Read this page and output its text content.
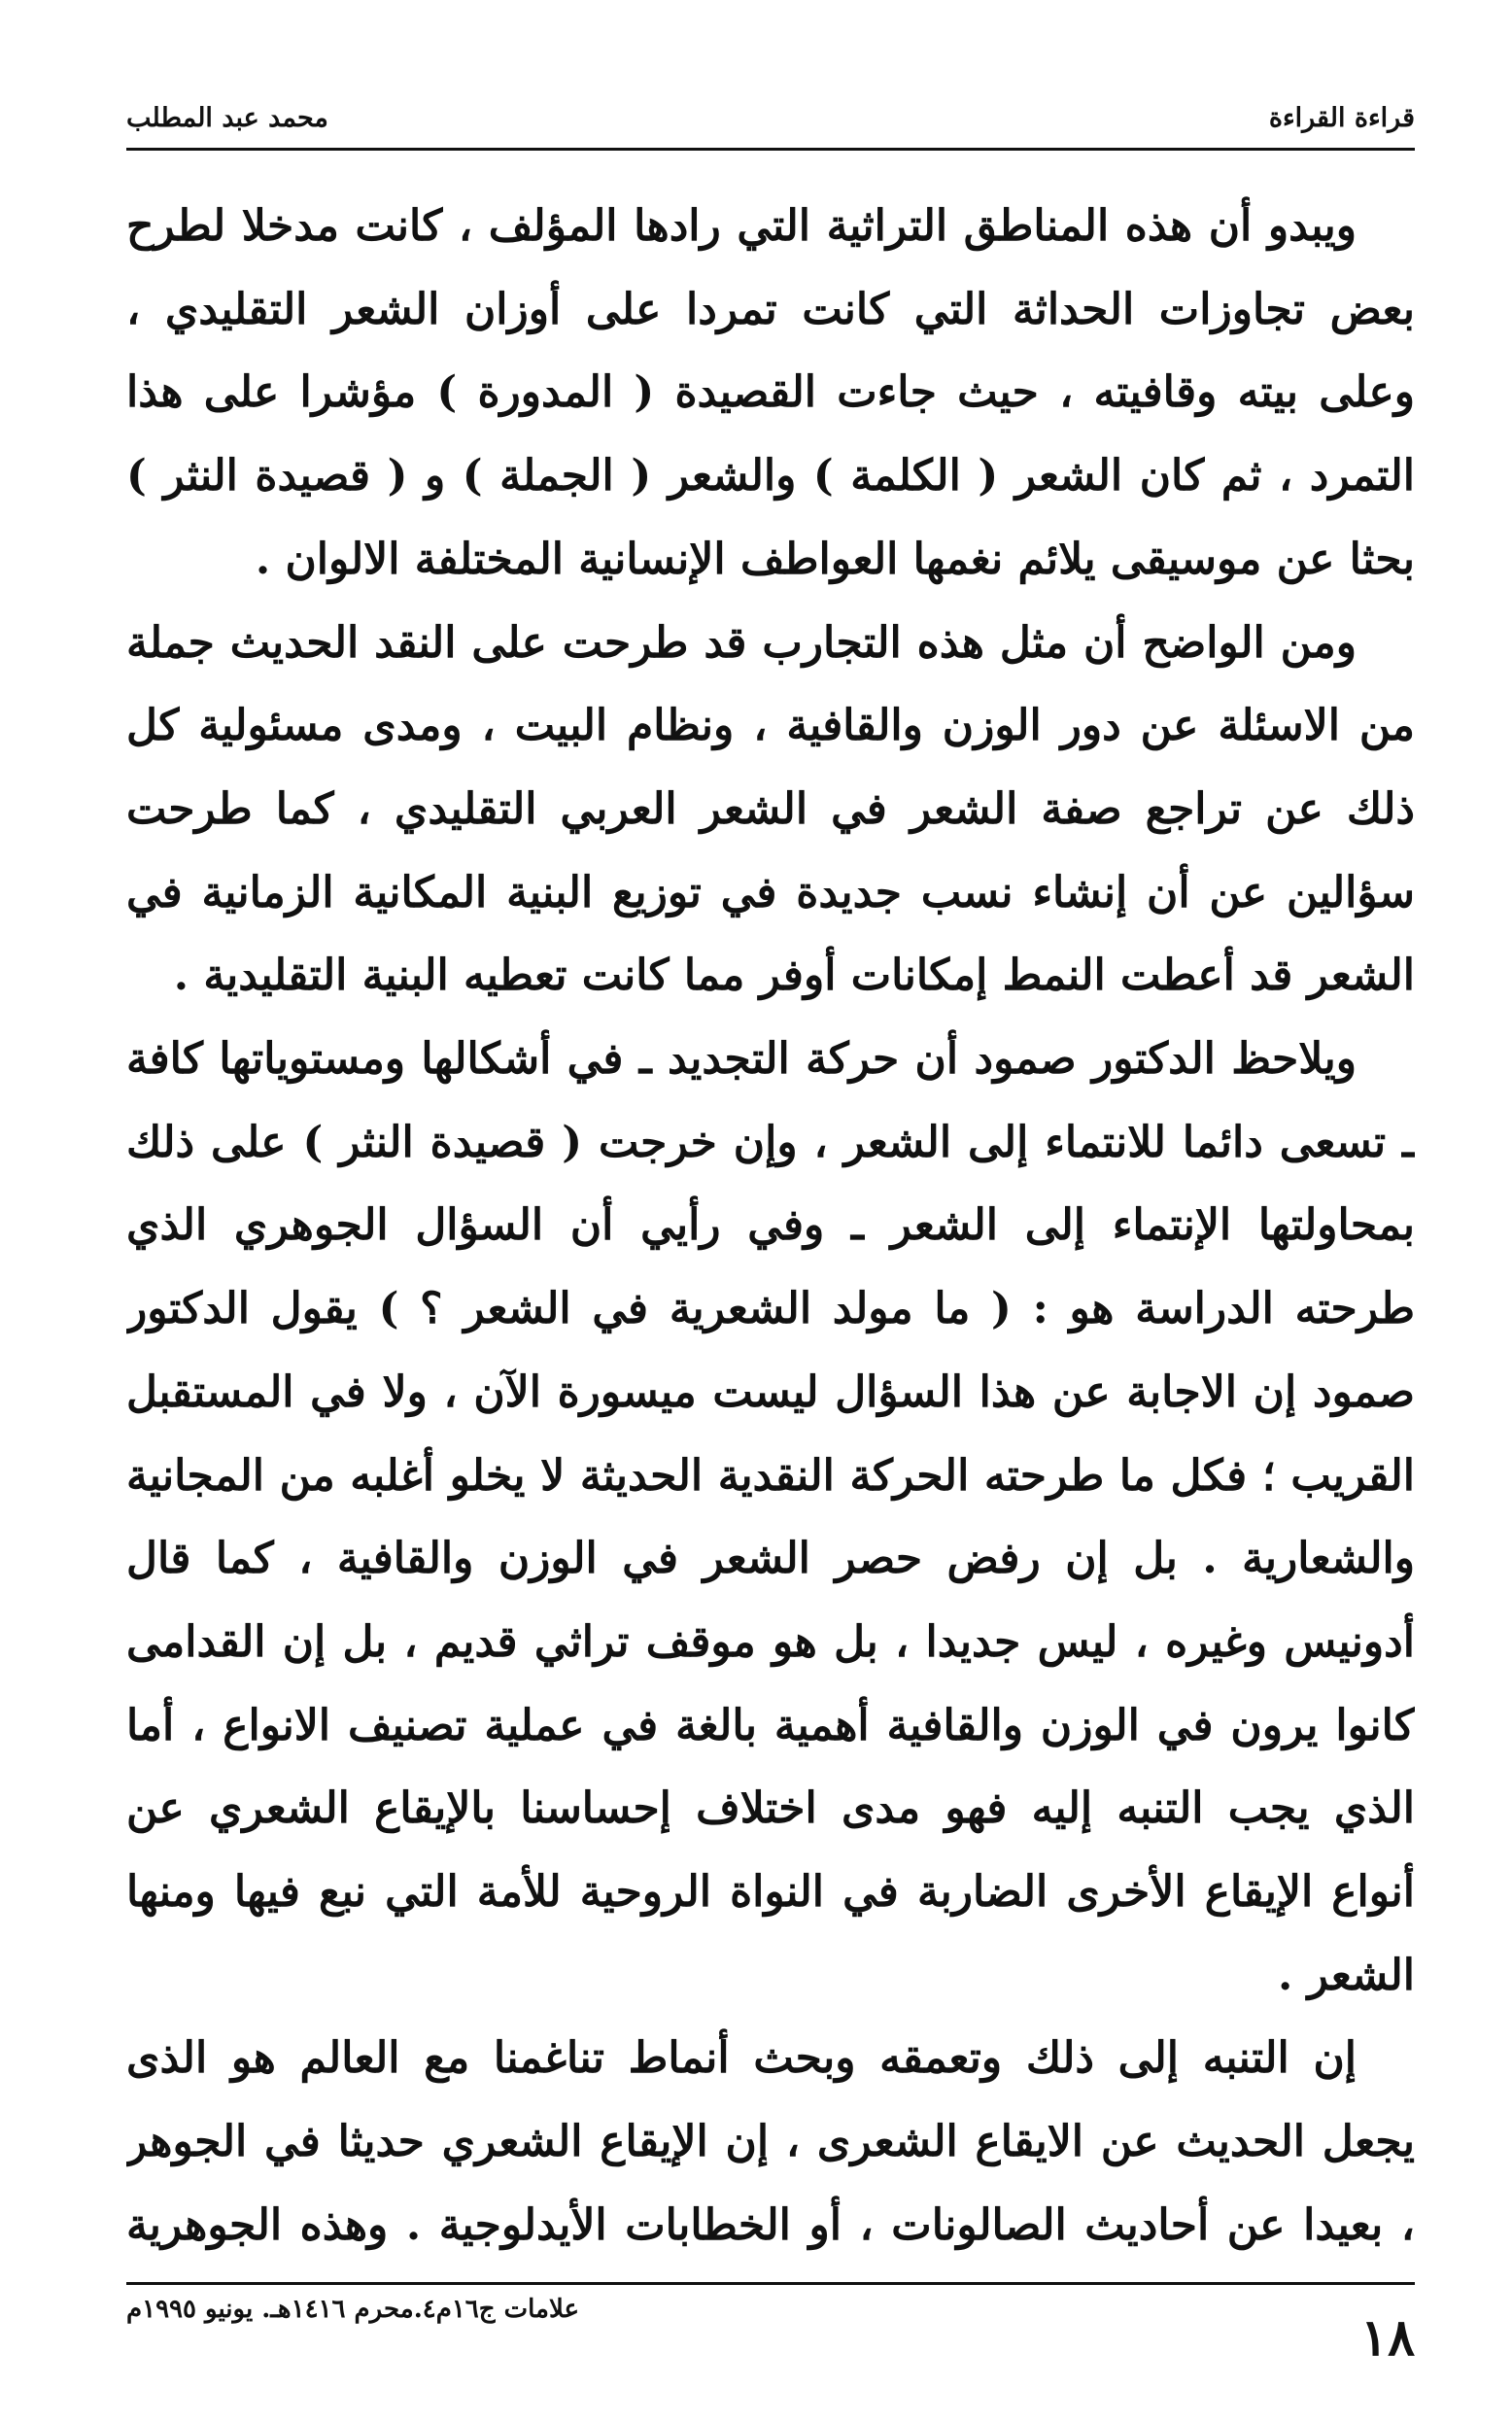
قراءة القراءة
محمد عبد المطلب

ويبدو أن هذه المناطق التراثية التي رادها المؤلف ، كانت مدخلا لطرح بعض تجاوزات الحداثة التي كانت تمردا على أوزان الشعر التقليدي ، وعلى بيته وقافيته ، حيث جاءت القصيدة ( المدورة ) مؤشرا على هذا التمرد ، ثم كان الشعر ( الكلمة ) والشعر ( الجملة ) و ( قصيدة النثر ) بحثا عن موسيقى يلائم نغمها العواطف الإنسانية المختلفة الالوان .

ومن الواضح أن مثل هذه التجارب قد طرحت على النقد الحديث جملة من الاسئلة عن دور الوزن والقافية ، ونظام البيت ، ومدى مسئولية كل ذلك عن تراجع صفة الشعر في الشعر العربي التقليدي ، كما طرحت سؤالين عن أن إنشاء نسب جديدة في توزيع البنية المكانية الزمانية في الشعر قد أعطت النمط إمكانات أوفر مما كانت تعطيه البنية التقليدية .

ويلاحظ الدكتور صمود أن حركة التجديد ـ في أشكالها ومستوياتها كافة ـ تسعى دائما للانتماء إلى الشعر ، وإن خرجت ( قصيدة النثر ) على ذلك بمحاولتها الإنتماء إلى الشعر ـ وفي رأيي أن السؤال الجوهري الذي طرحته الدراسة هو : ( ما مولد الشعرية في الشعر ؟ ) يقول الدكتور صمود إن الاجابة عن هذا السؤال ليست ميسورة الآن ، ولا في المستقبل القريب ؛ فكل ما طرحته الحركة النقدية الحديثة لا يخلو أغلبه من المجانية والشعارية . بل إن رفض حصر الشعر في الوزن والقافية ، كما قال أدونيس وغيره ، ليس جديدا ، بل هو موقف تراثي قديم ، بل إن القدامى كانوا يرون في الوزن والقافية أهمية بالغة في عملية تصنيف الانواع ، أما الذي يجب التنبه إليه فهو مدى اختلاف إحساسنا بالإيقاع الشعري عن أنواع الإيقاع الأخرى الضاربة في النواة الروحية للأمة التي نبع فيها ومنها الشعر .

إن التنبه إلى ذلك وتعمقه وبحث أنماط تناغمنا مع العالم هو الذى يجعل الحديث عن الايقاع الشعرى ، إن الإيقاع الشعري حديثا في الجوهر ، بعيدا عن أحاديث الصالونات ، أو الخطابات الأيدلوجية . وهذه الجوهرية

علامات ج١٦م٤.محرم ١٤١٦هـ. يونيو ١٩٩٥م	١٨
